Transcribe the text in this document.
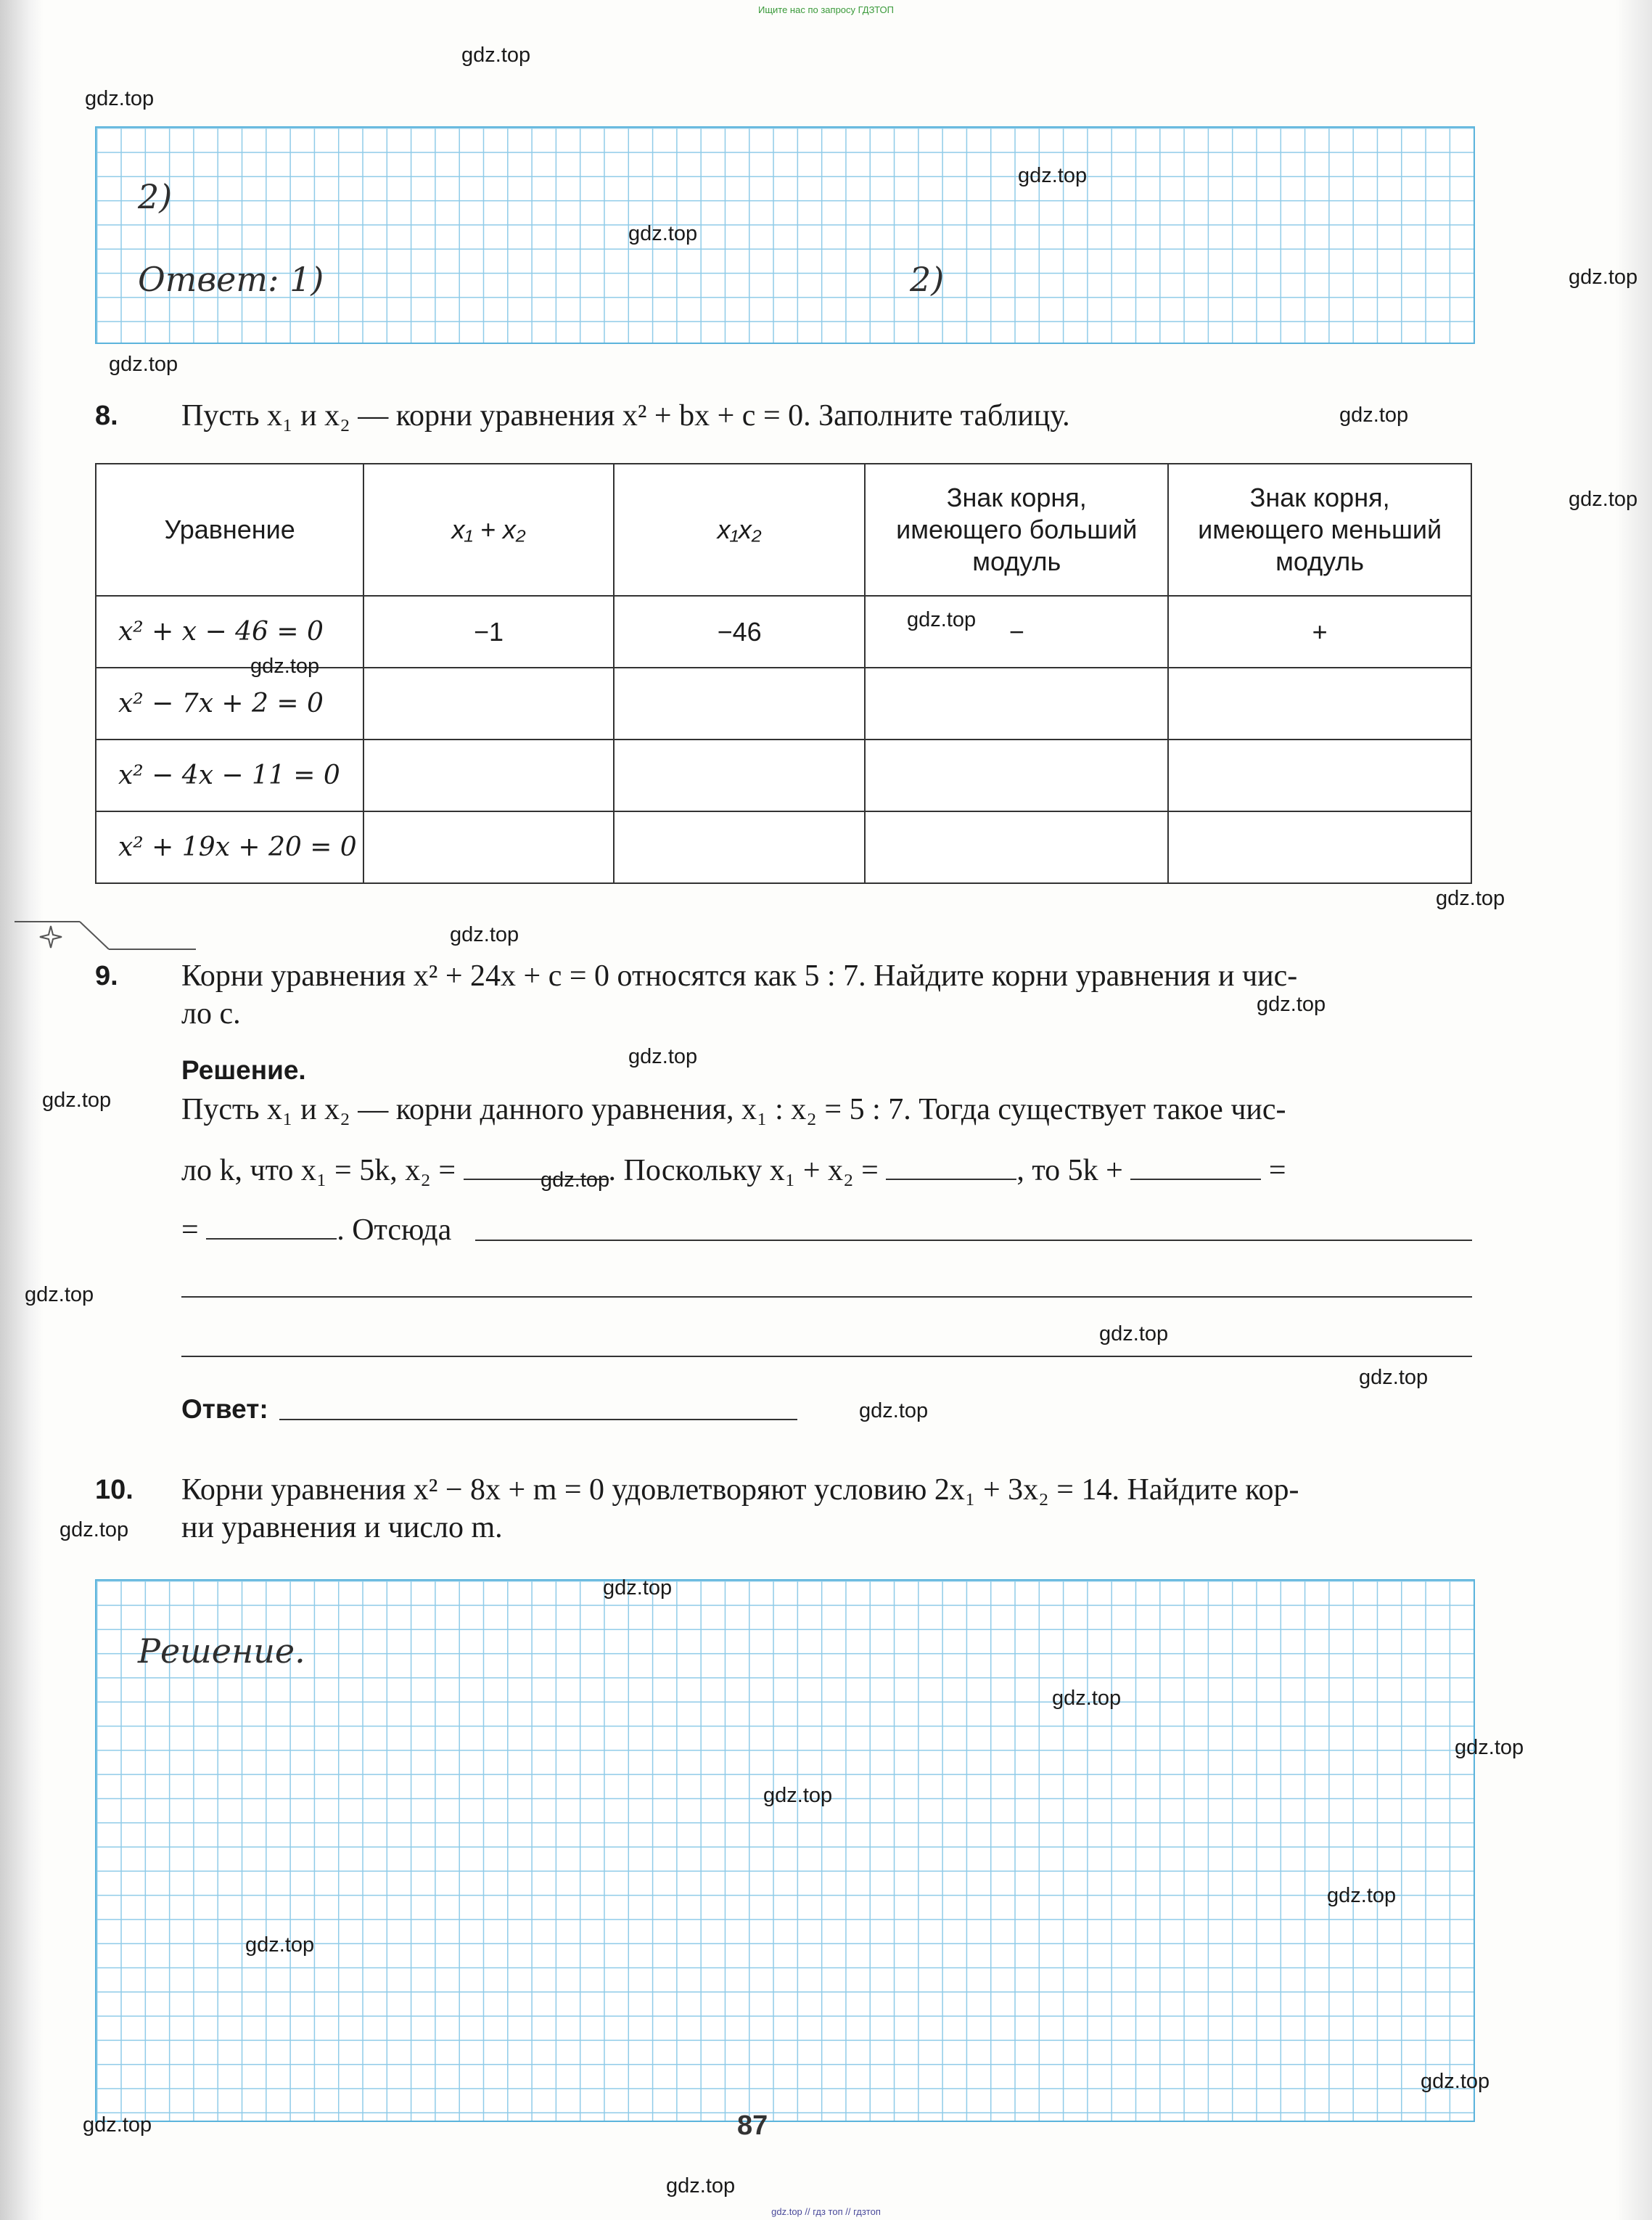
Ищите нас по запросу ГДЗТОП
2)
Ответ: 1)	2)
8. Пусть x₁ и x₂ — корни уравнения x² + bx + c = 0. Заполните таблицу.
Уравнение	x₁ + x₂	x₁x₂	Знак корня, имеющего больший модуль	Знак корня, имеющего меньший модуль
x² + x − 46 = 0	−1	−46	−	+
x² − 7x + 2 = 0				
x² − 4x − 11 = 0				
x² + 19x + 20 = 0				
9. Корни уравнения x² + 24x + c = 0 относятся как 5 : 7. Найдите корни уравнения и чис-
ло c.
Решение.
Пусть x₁ и x₂ — корни данного уравнения, x₁ : x₂ = 5 : 7. Тогда существует такое чис-
ло k, что x₁ = 5k, x₂ =	. Поскольку x₁ + x₂ =	, то 5k +	=
=	. Отсюда
Ответ:
10. Корни уравнения x² − 8x + m = 0 удовлетворяют условию 2x₁ + 3x₂ = 14. Найдите кор-
ни уравнения и число m.
Решение.
87
gdz.top
gdz.top
gdz.top
gdz.top
gdz.top
gdz.top
gdz.top
gdz.top
gdz.top
gdz.top
gdz.top
gdz.top
gdz.top
gdz.top
gdz.top
gdz.top
gdz.top
gdz.top
gdz.top
gdz.top
gdz.top
gdz.top
gdz.top
gdz.top
gdz.top
gdz.top
gdz.top
gdz.top
gdz.top
gdz.top
gdz.top // гдз топ // гдзтоп
